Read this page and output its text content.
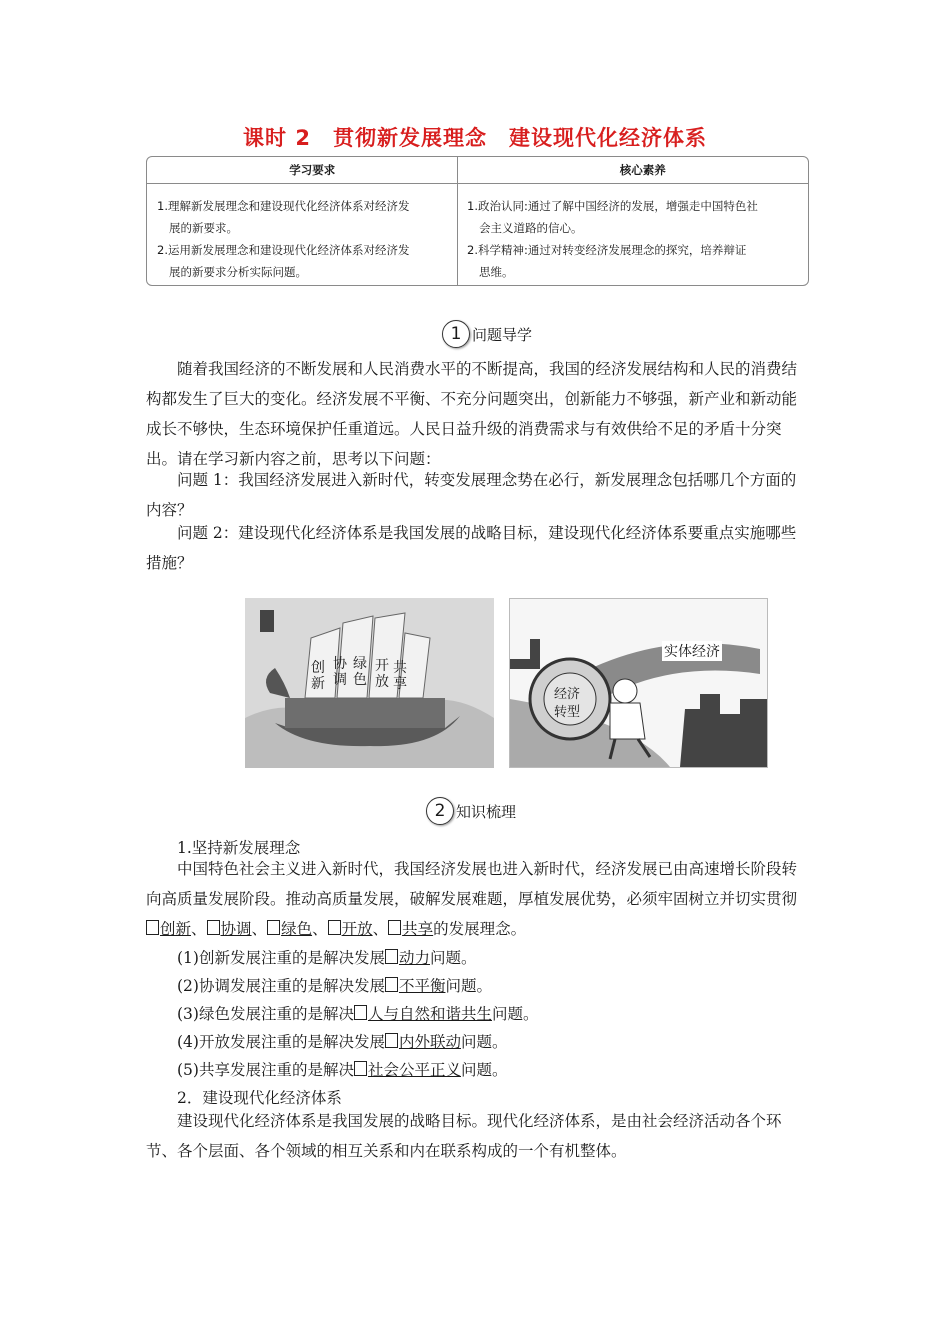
课时 2　贯彻新发展理念　建设现代化经济体系
学习要求	核心素养

1.理解新发展理念和建设现代化经济体系对经济发

展的新要求。

2.运用新发展理念和建设现代化经济体系对经济发

展的新要求分析实际问题。

1.政治认同:通过了解中国经济的发展，增强走中国特色社

会主义道路的信心。

2.科学精神:通过对转变经济发展理念的探究，培养辩证

思维。

1 问题导学

随着我国经济的不断发展和人民消费水平的不断提高，我国的经济发展结构和人民的消费结构都发生了巨大的变化。经济发展不平衡、不充分问题突出，创新能力不够强，新产业和新动能成长不够快，生态环境保护任重道远。人民日益升级的消费需求与有效供给不足的矛盾十分突出。请在学习新内容之前，思考以下问题：

问题 1：我国经济发展进入新时代，转变发展理念势在必行，新发展理念包括哪几个方面的内容？

问题 2：建设现代化经济体系是我国发展的战略目标，建设现代化经济体系要重点实施哪些措施？

创新
协调
绿色
开放
共享
实体经济
经济
转型
2 知识梳理
1.坚持新发展理念

中国特色社会主义进入新时代，我国经济发展也进入新时代，经济发展已由高速增长阶段转向高质量发展阶段。推动高质量发展，破解发展难题，厚植发展优势，必须牢固树立并切实贯彻创新、 协调、 绿色、 开放、 共享的发展理念。

(1)创新发展注重的是解决发展 动力问题。
(2)协调发展注重的是解决发展 不平衡问题。
(3)绿色发展注重的是解决 人与自然和谐共生问题。
(4)开放发展注重的是解决发展 内外联动问题。
(5)共享发展注重的是解决 社会公平正义问题。
2．建设现代化经济体系

建设现代化经济体系是我国发展的战略目标。现代化经济体系，是由社会经济活动各个环节、各个层面、各个领域的相互关系和内在联系构成的一个有机整体。
